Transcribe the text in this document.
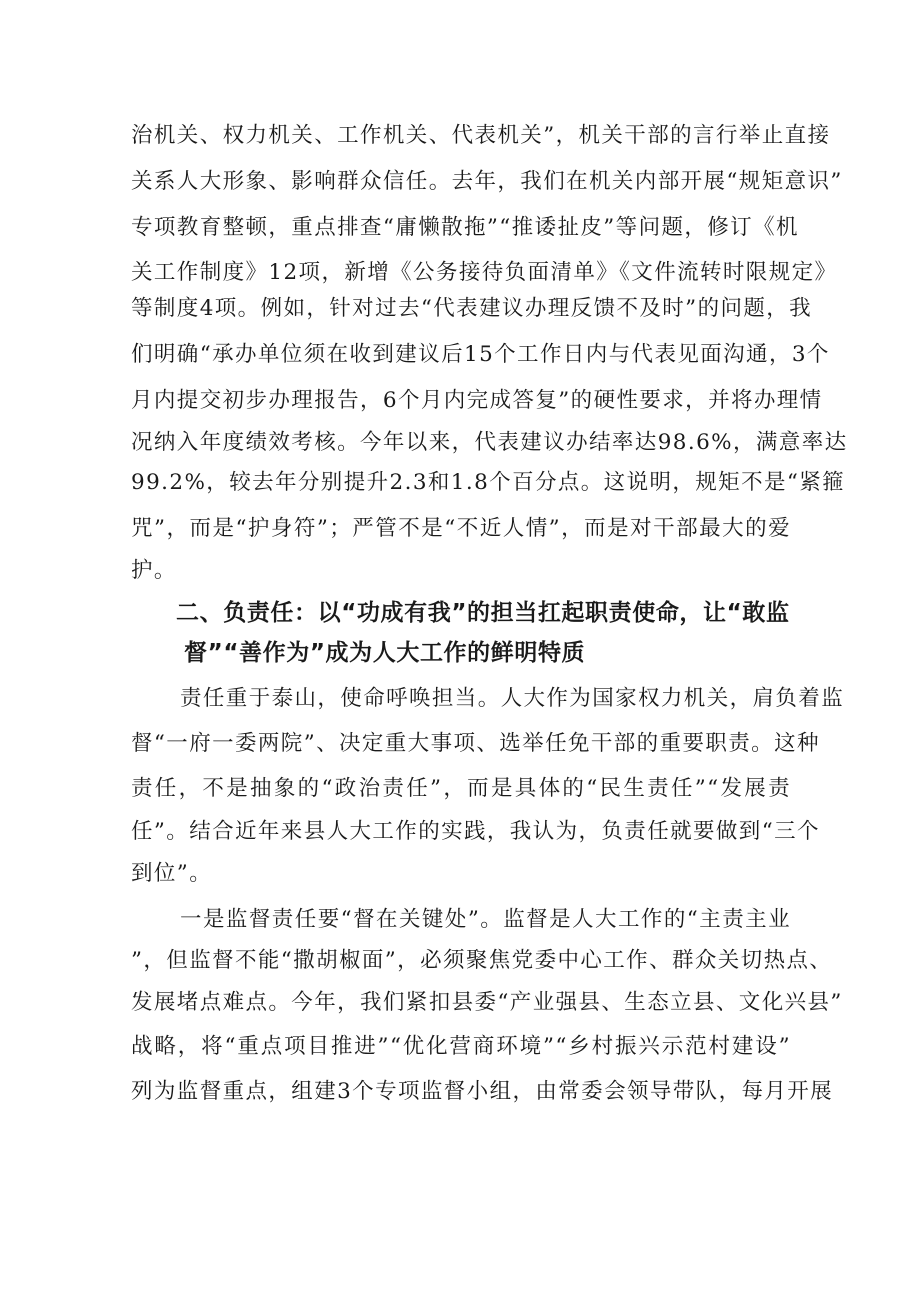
治机关、权力机关、工作机关、代表机关”，机关干部的言行举止直接
关系人大形象、影响群众信任。去年，我们在机关内部开展“规矩意识”
专项教育整顿，重点排查“庸懒散拖”“推诿扯皮”等问题，修订《机
关工作制度》12项，新增《公务接待负面清单》《文件流转时限规定》
等制度4项。例如，针对过去“代表建议办理反馈不及时”的问题，我
们明确“承办单位须在收到建议后15个工作日内与代表见面沟通，3个
月内提交初步办理报告，6个月内完成答复”的硬性要求，并将办理情
况纳入年度绩效考核。今年以来，代表建议办结率达98.6%，满意率达
99.2%，较去年分别提升2.3和1.8个百分点。这说明，规矩不是“紧箍
咒”，而是“护身符”；严管不是“不近人情”，而是对干部最大的爱
护。
二、负责任：以“功成有我”的担当扛起职责使命，让“敢监
督”“善作为”成为人大工作的鲜明特质
责任重于泰山，使命呼唤担当。人大作为国家权力机关，肩负着监
督“一府一委两院”、决定重大事项、选举任免干部的重要职责。这种
责任，不是抽象的“政治责任”，而是具体的“民生责任”“发展责
任”。结合近年来县人大工作的实践，我认为，负责任就要做到“三个
到位”。
一是监督责任要“督在关键处”。监督是人大工作的“主责主业
”，但监督不能“撒胡椒面”，必须聚焦党委中心工作、群众关切热点、
发展堵点难点。今年，我们紧扣县委“产业强县、生态立县、文化兴县”
战略，将“重点项目推进”“优化营商环境”“乡村振兴示范村建设”
列为监督重点，组建3个专项监督小组，由常委会领导带队，每月开展
